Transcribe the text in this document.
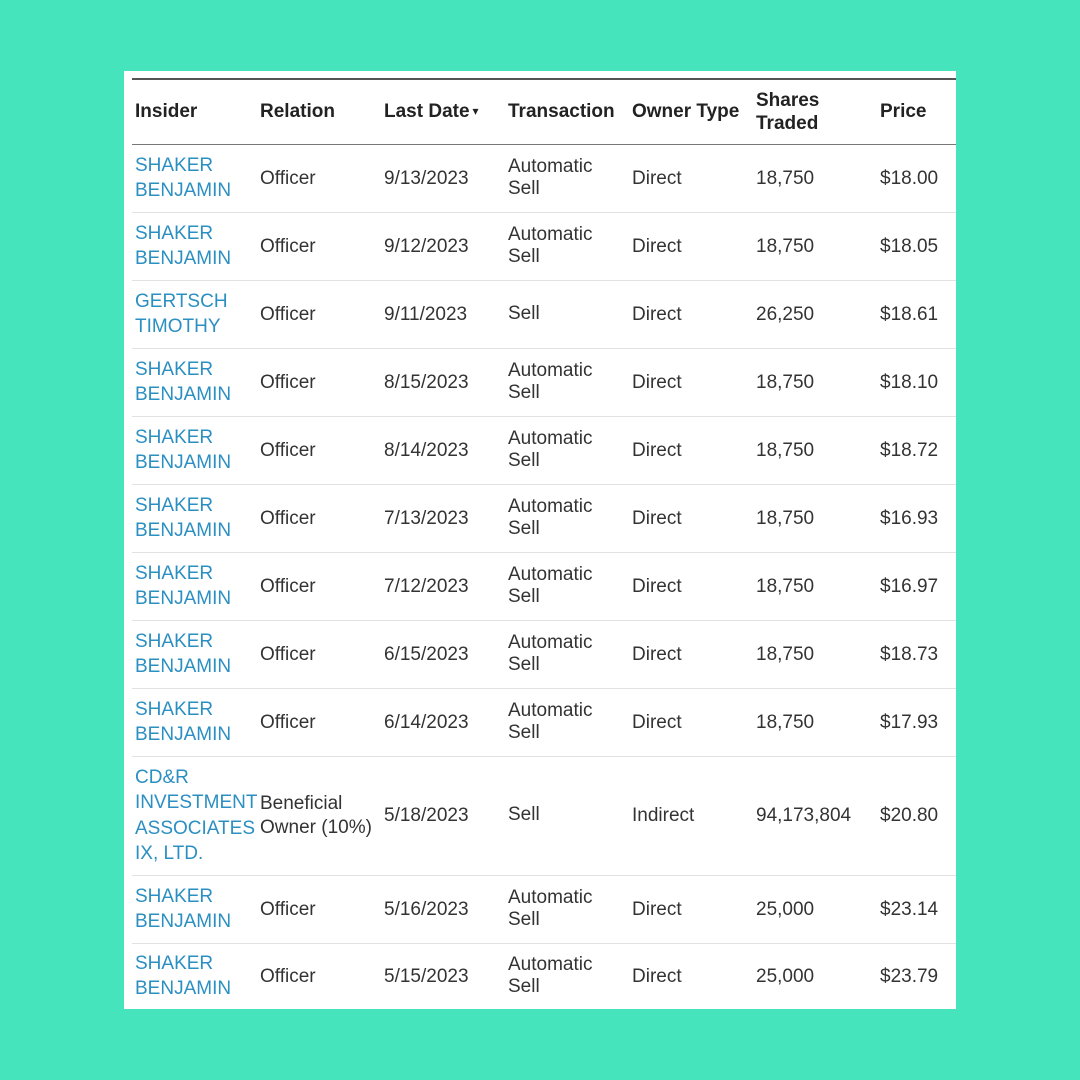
Insider	Relation	Last Date ▾	Transaction	Owner Type	Shares Traded	Price

SHAKER BENJAMIN	Officer	9/13/2023	Automatic Sell	Direct	18,750	$18.00

SHAKER BENJAMIN	Officer	9/12/2023	Automatic Sell	Direct	18,750	$18.05

GERTSCH TIMOTHY	Officer	9/11/2023	Sell	Direct	26,250	$18.61

SHAKER BENJAMIN	Officer	8/15/2023	Automatic Sell	Direct	18,750	$18.10

SHAKER BENJAMIN	Officer	8/14/2023	Automatic Sell	Direct	18,750	$18.72

SHAKER BENJAMIN	Officer	7/13/2023	Automatic Sell	Direct	18,750	$16.93

SHAKER BENJAMIN	Officer	7/12/2023	Automatic Sell	Direct	18,750	$16.97

SHAKER BENJAMIN	Officer	6/15/2023	Automatic Sell	Direct	18,750	$18.73

SHAKER BENJAMIN	Officer	6/14/2023	Automatic Sell	Direct	18,750	$17.93

CD&R INVESTMENT ASSOCIATES IX, LTD.	Beneficial Owner (10%)	5/18/2023	Sell	Indirect	94,173,804	$20.80

SHAKER BENJAMIN	Officer	5/16/2023	Automatic Sell	Direct	25,000	$23.14

SHAKER BENJAMIN	Officer	5/15/2023	Automatic Sell	Direct	25,000	$23.79
